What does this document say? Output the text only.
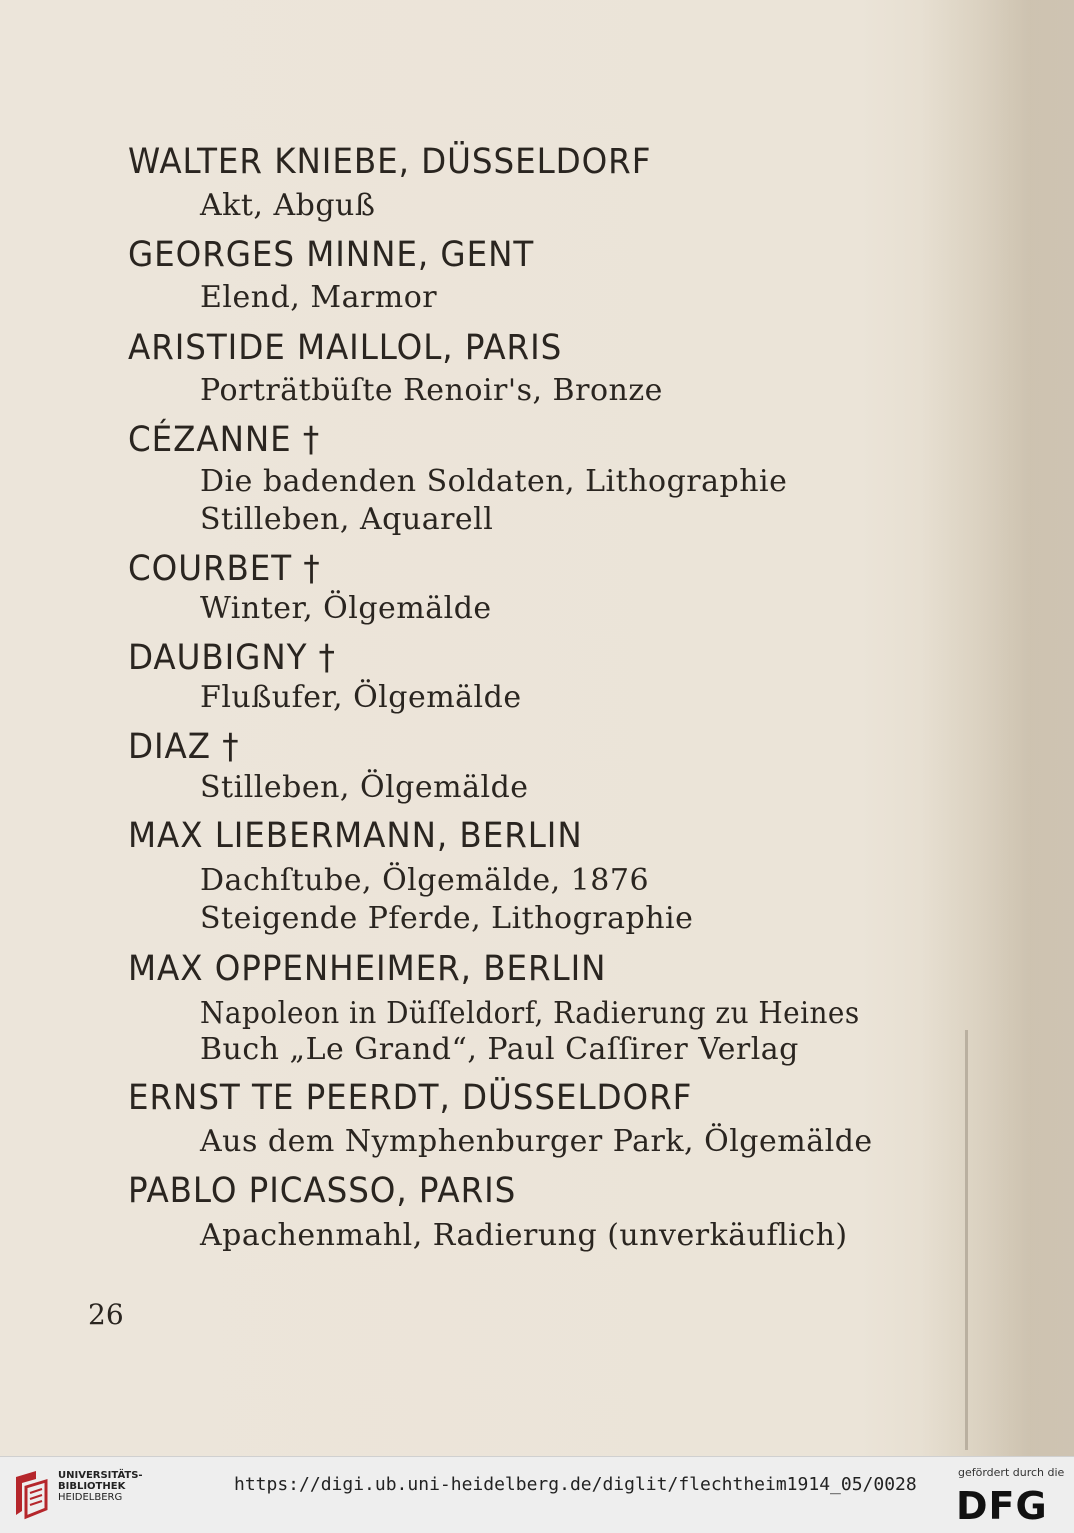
WALTER KNIEBE, DÜSSELDORF
Akt, Abguß
GEORGES MINNE, GENT
Elend, Marmor
ARISTIDE MAILLOL, PARIS
Porträtbüſte Renoir's, Bronze
CÉZANNE †
Die badenden Soldaten, Lithographie
Stilleben, Aquarell
COURBET †
Winter, Ölgemälde
DAUBIGNY †
Flußufer, Ölgemälde
DIAZ †
Stilleben, Ölgemälde
MAX LIEBERMANN, BERLIN
Dachſtube, Ölgemälde, 1876
Steigende Pferde, Lithographie
MAX OPPENHEIMER, BERLIN
Napoleon in Düſſeldorf, Radierung zu Heines
Buch „Le Grand“, Paul Caſſirer Verlag
ERNST TE PEERDT, DÜSSELDORF
Aus dem Nymphenburger Park, Ölgemälde
PABLO PICASSO, PARIS
Apachenmahl, Radierung (unverkäuflich)
26
UNIVERSITÄTS-
BIBLIOTHEK
HEIDELBERG
https://digi.ub.uni-heidelberg.de/diglit/flechtheim1914_05/0028
gefördert durch die
DFG
